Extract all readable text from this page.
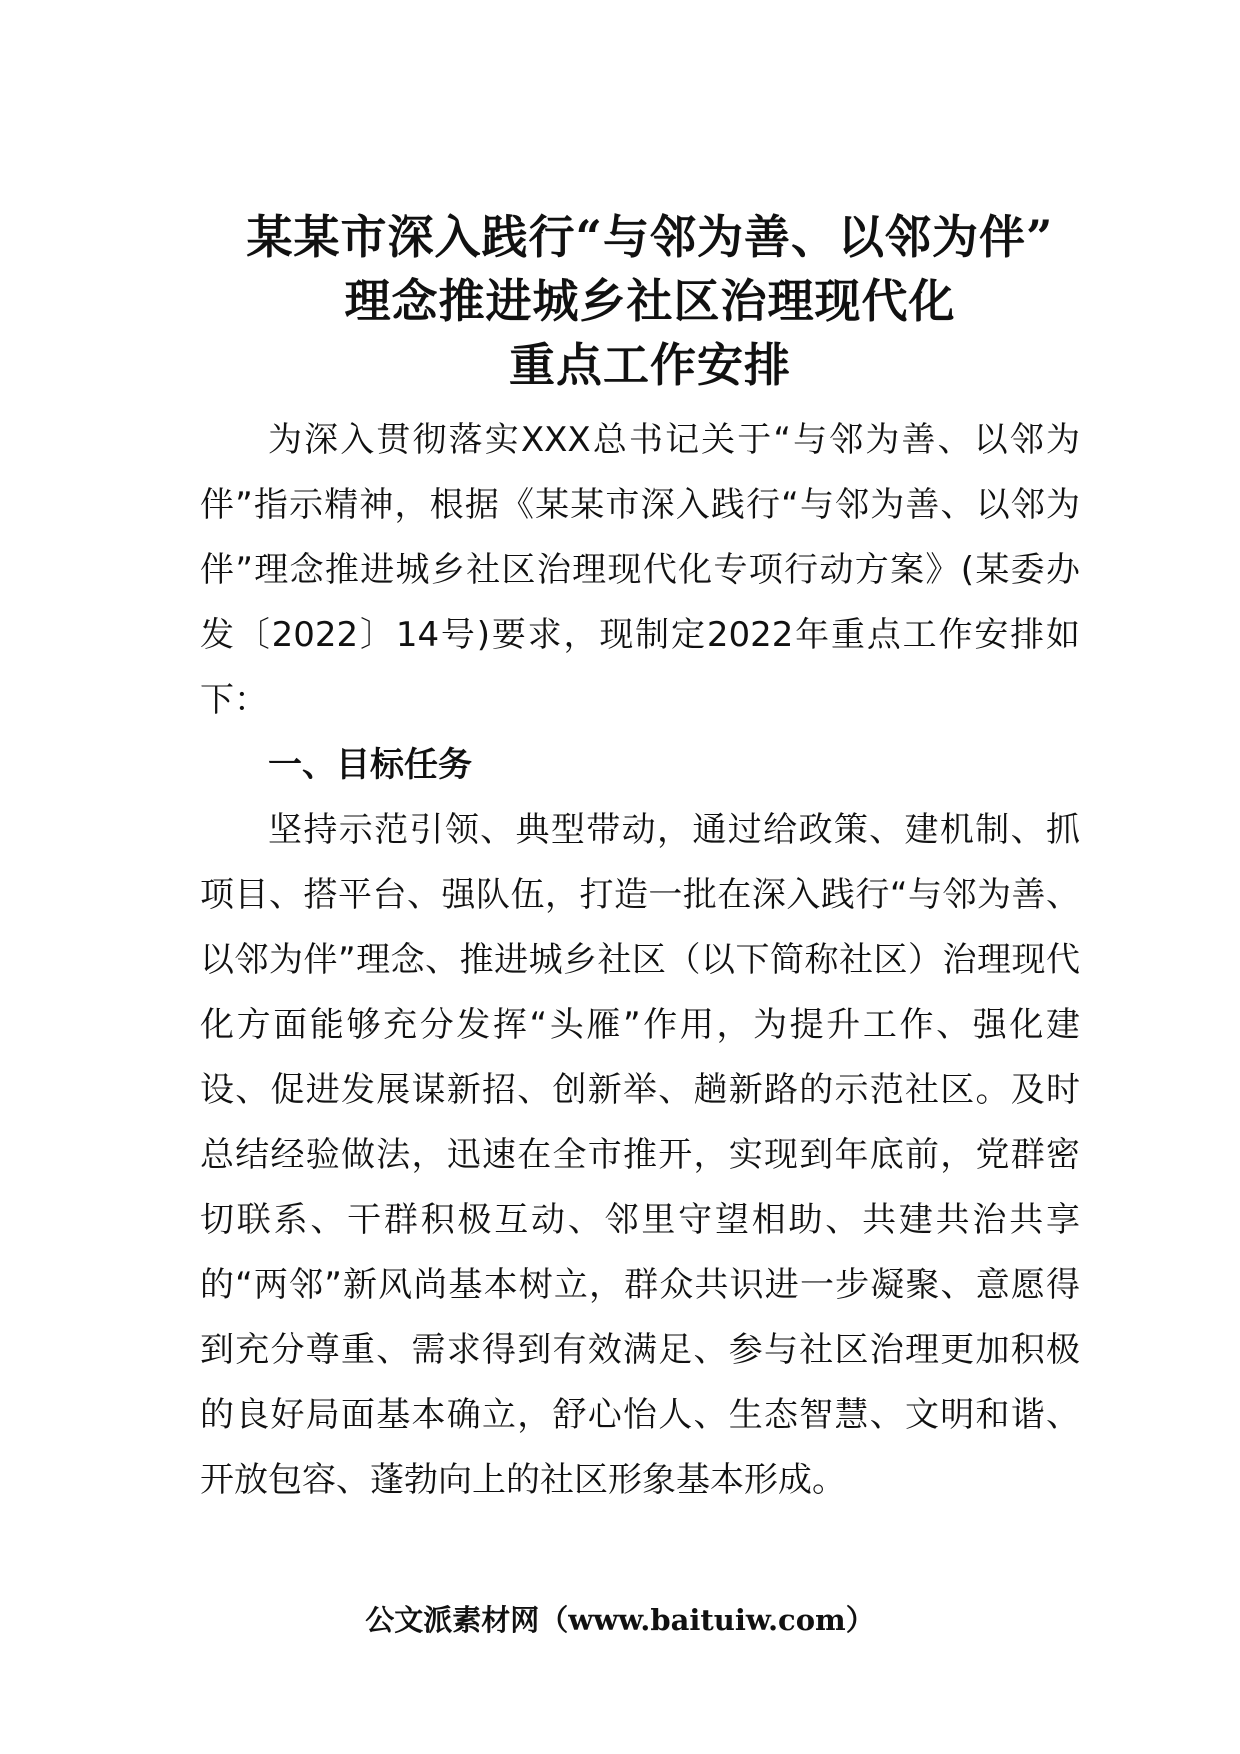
某某市深入践行“与邻为善、以邻为伴”
理念推进城乡社区治理现代化
重点工作安排

为深入贯彻落实XXX总书记关于“与邻为善、以邻为伴”指示精神，根据《某某市深入践行“与邻为善、以邻为伴”理念推进城乡社区治理现代化专项行动方案》(某委办发〔2022〕14号)要求，现制定2022年重点工作安排如下：

一、目标任务

坚持示范引领、典型带动，通过给政策、建机制、抓项目、搭平台、强队伍，打造一批在深入践行“与邻为善、以邻为伴”理念、推进城乡社区（以下简称社区）治理现代化方面能够充分发挥“头雁”作用，为提升工作、强化建设、促进发展谋新招、创新举、趟新路的示范社区。及时总结经验做法，迅速在全市推开，实现到年底前，党群密切联系、干群积极互动、邻里守望相助、共建共治共享的“两邻”新风尚基本树立，群众共识进一步凝聚、意愿得到充分尊重、需求得到有效满足、参与社区治理更加积极的良好局面基本确立，舒心怡人、生态智慧、文明和谐、开放包容、蓬勃向上的社区形象基本形成。

公文派素材网（www.baituiw.com）
